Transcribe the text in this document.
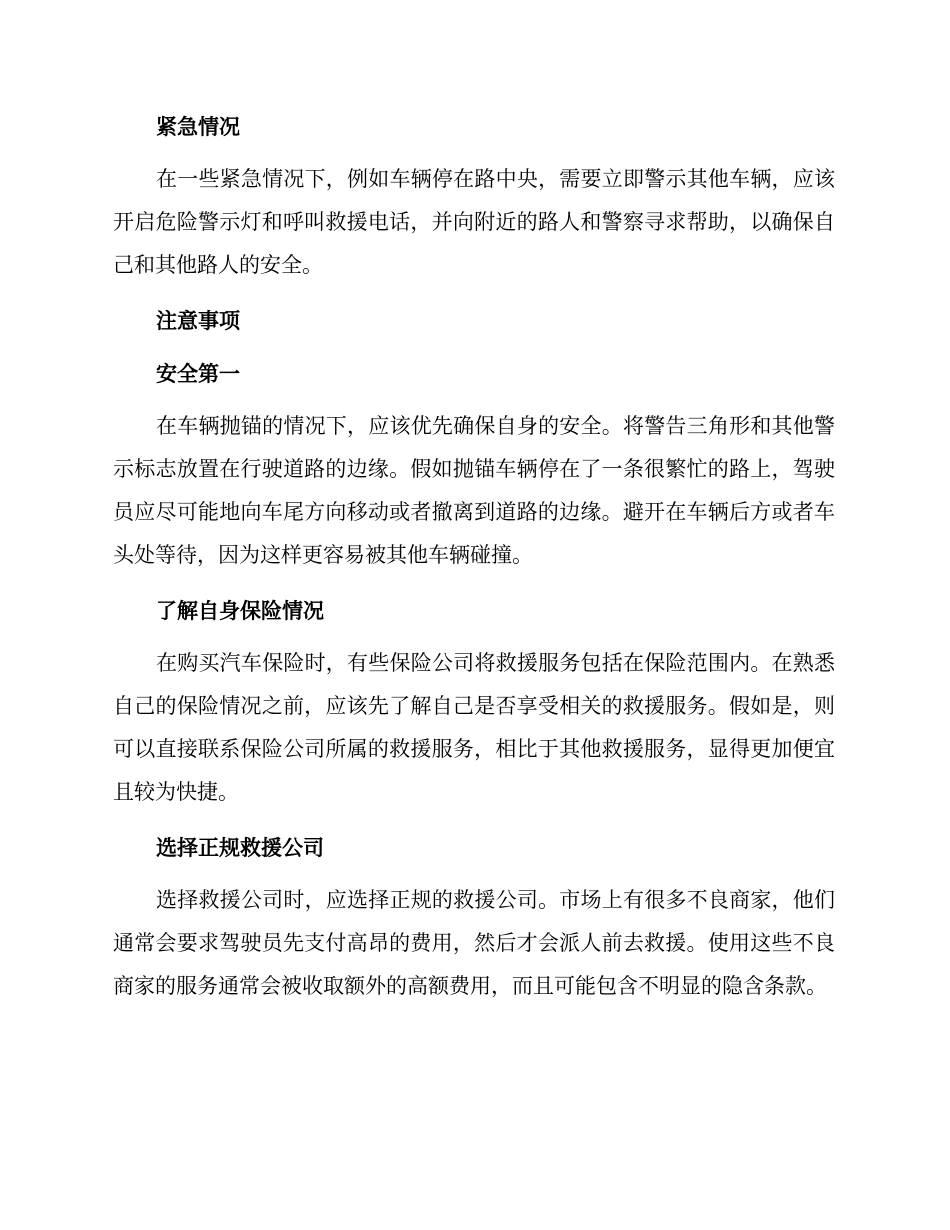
紧急情况

在一些紧急情况下，例如车辆停在路中央，需要立即警示其他车辆，应该开启危险警示灯和呼叫救援电话，并向附近的路人和警察寻求帮助，以确保自己和其他路人的安全。

注意事项
安全第一

在车辆抛锚的情况下，应该优先确保自身的安全。将警告三角形和其他警示标志放置在行驶道路的边缘。假如抛锚车辆停在了一条很繁忙的路上，驾驶员应尽可能地向车尾方向移动或者撤离到道路的边缘。避开在车辆后方或者车头处等待，因为这样更容易被其他车辆碰撞。

了解自身保险情况

在购买汽车保险时，有些保险公司将救援服务包括在保险范围内。在熟悉自己的保险情况之前，应该先了解自己是否享受相关的救援服务。假如是，则可以直接联系保险公司所属的救援服务，相比于其他救援服务，显得更加便宜且较为快捷。

选择正规救援公司

选择救援公司时，应选择正规的救援公司。市场上有很多不良商家，他们通常会要求驾驶员先支付高昂的费用，然后才会派人前去救援。使用这些不良商家的服务通常会被收取额外的高额费用，而且可能包含不明显的隐含条款。
